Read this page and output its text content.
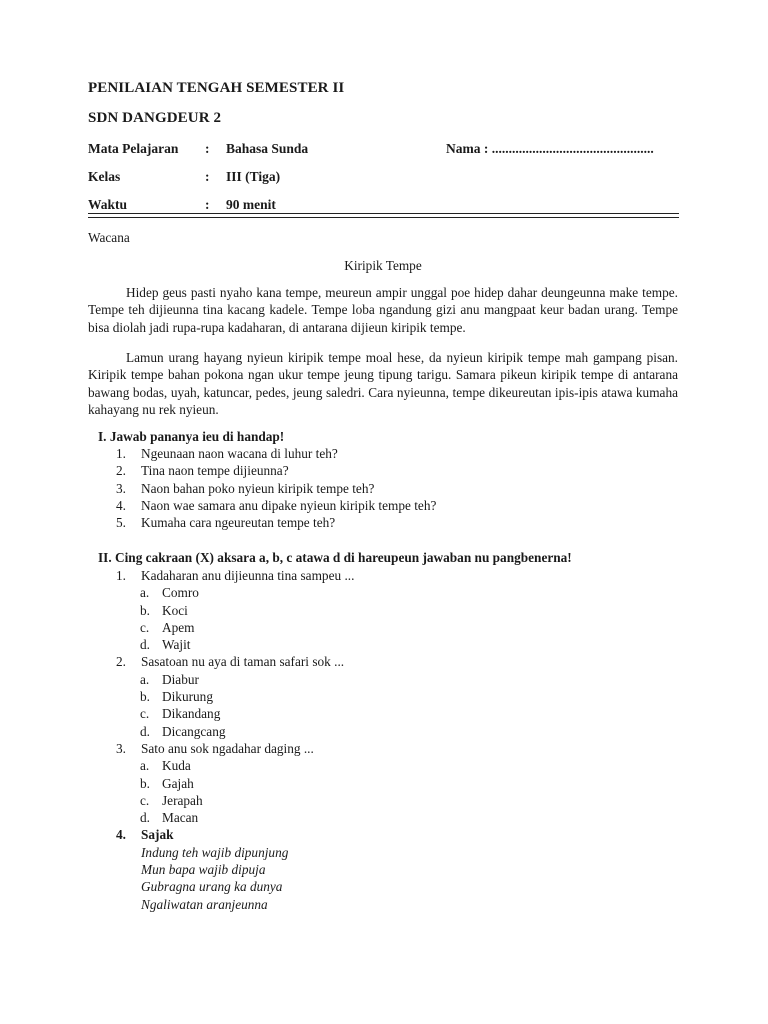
PENILAIAN TENGAH SEMESTER II
SDN DANGDEUR 2
Mata Pelajaran : Bahasa Sunda	Nama : ................................................
Kelas	: III (Tiga)
Waktu	: 90 menit
Wacana
Kiripik Tempe

Hidep geus pasti nyaho kana tempe, meureun ampir unggal poe hidep dahar deungeunna make tempe. Tempe teh dijieunna tina kacang kadele. Tempe loba ngandung gizi anu mangpaat keur badan urang. Tempe bisa diolah jadi rupa-rupa kadaharan, di antarana dijieun kiripik tempe.

Lamun urang hayang nyieun kiripik tempe moal hese, da nyieun kiripik tempe mah gampang pisan. Kiripik tempe bahan pokona ngan ukur tempe jeung tipung tarigu. Samara pikeun kiripik tempe di antarana bawang bodas, uyah, katuncar, pedes, jeung saledri. Cara nyieunna, tempe dikeureutan ipis-ipis atawa kumaha kahayang nu rek nyieun.

I. Jawab pananya ieu di handap!
1. Ngeunaan naon wacana di luhur teh?
2. Tina naon tempe dijieunna?
3. Naon bahan poko nyieun kiripik tempe teh?
4. Naon wae samara anu dipake nyieun kiripik tempe teh?
5. Kumaha cara ngeureutan tempe teh?
II. Cing cakraan (X) aksara a, b, c atawa d di hareupeun jawaban nu pangbenerna!
1. Kadaharan anu dijieunna tina sampeu ...
a. Comro
b. Koci
c. Apem
d. Wajit
2. Sasatoan nu aya di taman safari sok ...
a. Diabur
b. Dikurung
c. Dikandang
d. Dicangcang
3. Sato anu sok ngadahar daging ...
a. Kuda
b. Gajah
c. Jerapah
d. Macan
4. Sajak
Indung teh wajib dipunjung
Mun bapa wajib dipuja
Gubragna urang ka dunya
Ngaliwatan aranjeunna
